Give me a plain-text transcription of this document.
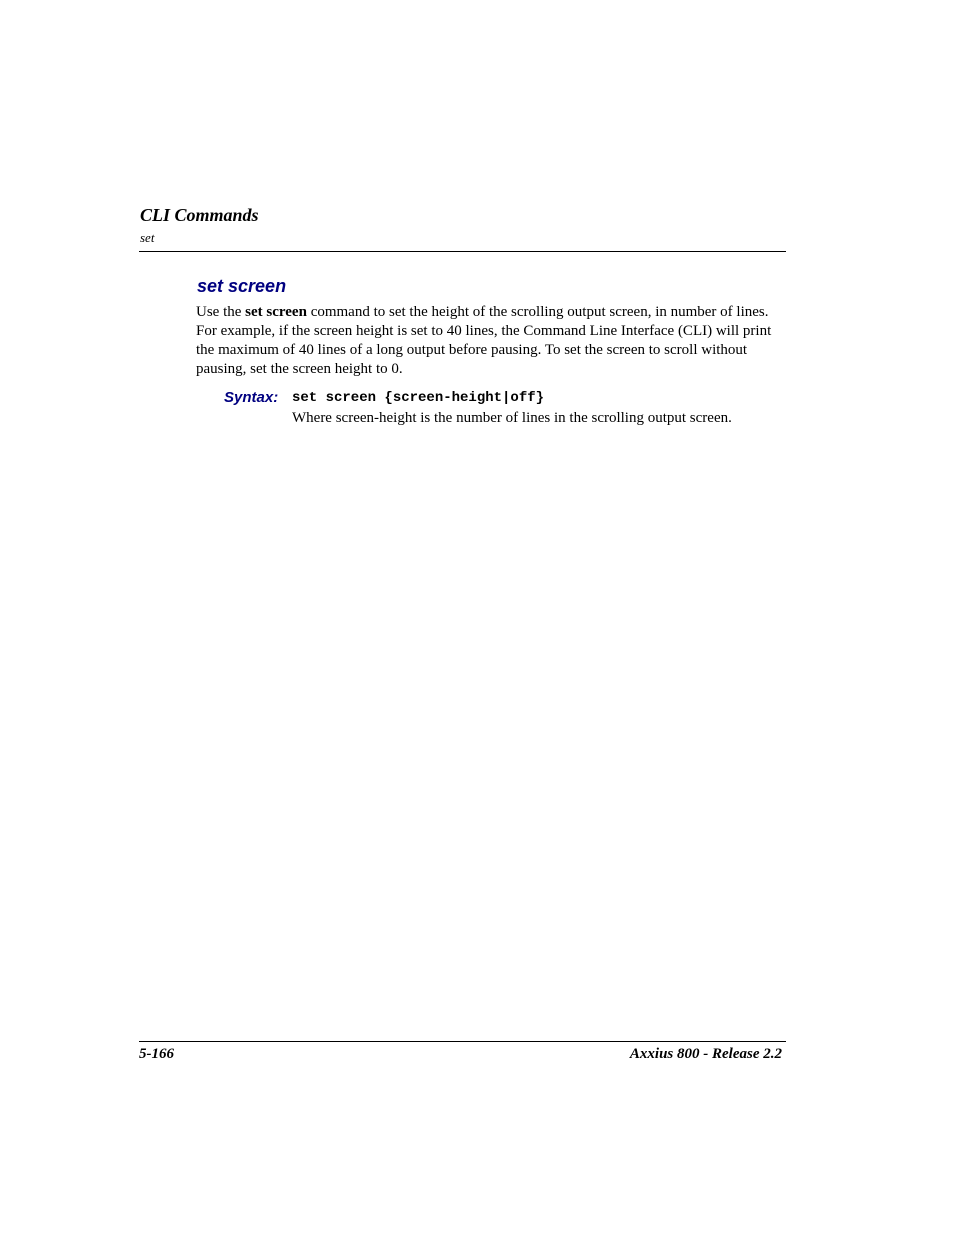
CLI Commands
set
set screen
Use the set screen command to set the height of the scrolling output screen, in number of lines. For example, if the screen height is set to 40 lines, the Command Line Interface (CLI) will print the maximum of 40 lines of a long output before pausing. To set the screen to scroll without pausing, set the screen height to 0.
Syntax: set screen {screen-height|off}
Where screen-height is the number of lines in the scrolling output screen.
5-166	Axxius 800 - Release 2.2
